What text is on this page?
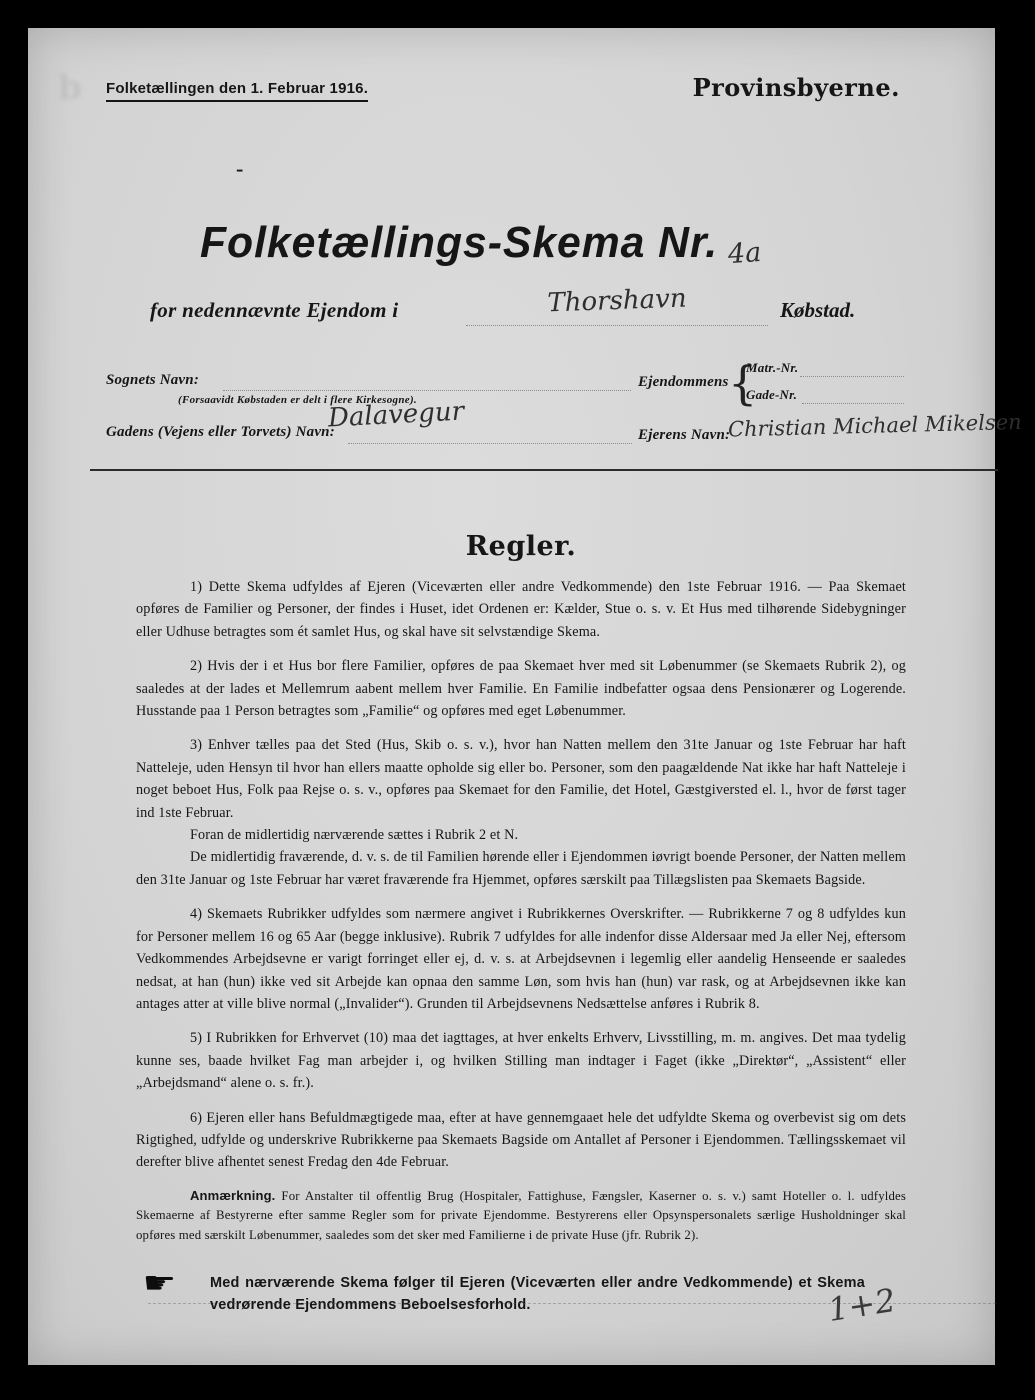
b Folketællingen den 1. Februar 1916.	Provinsbyerne.
-
Folketællings-Skema Nr. 4a
for nedennævnte Ejendom i	Thorshavn	Købstad.
Sognets Navn:
(Forsaavidt Købstaden er delt i flere Kirkesogne).
Gadens (Vejens eller Torvets) Navn:
Dalavegur
Ejendommens {
Matr.-Nr.
Gade-Nr.
Ejerens Navn:
Christian Michael Mikelsen
Regler.

1) Dette Skema udfyldes af Ejeren (Viceværten eller andre Vedkommende) den 1ste Februar 1916. — Paa Skemaet opføres de Familier og Personer, der findes i Huset, idet Ordenen er: Kælder, Stue o. s. v. Et Hus med tilhørende Sidebygninger eller Udhuse betragtes som ét samlet Hus, og skal have sit selvstændige Skema.

2) Hvis der i et Hus bor flere Familier, opføres de paa Skemaet hver med sit Løbenummer (se Skemaets Rubrik 2), og saaledes at der lades et Mellemrum aabent mellem hver Familie. En Familie indbefatter ogsaa dens Pensionærer og Logerende. Husstande paa 1 Person betragtes som „Familie“ og opføres med eget Løbenummer.

3) Enhver tælles paa det Sted (Hus, Skib o. s. v.), hvor han Natten mellem den 31te Januar og 1ste Februar har haft Natteleje, uden Hensyn til hvor han ellers maatte opholde sig eller bo. Personer, som den paagældende Nat ikke har haft Natteleje i noget beboet Hus, Folk paa Rejse o. s. v., opføres paa Skemaet for den Familie, det Hotel, Gæstgiversted el. l., hvor de først tager ind 1ste Februar.

Foran de midlertidig nærværende sættes i Rubrik 2 et N.

De midlertidig fraværende, d. v. s. de til Familien hørende eller i Ejendommen iøvrigt boende Personer, der Natten mellem den 31te Januar og 1ste Februar har været fraværende fra Hjemmet, opføres særskilt paa Tillægslisten paa Skemaets Bagside.

4) Skemaets Rubrikker udfyldes som nærmere angivet i Rubrikkernes Overskrifter. — Rubrikkerne 7 og 8 udfyldes kun for Personer mellem 16 og 65 Aar (begge inklusive). Rubrik 7 udfyldes for alle indenfor disse Aldersaar med Ja eller Nej, eftersom Vedkommendes Arbejdsevne er varigt forringet eller ej, d. v. s. at Arbejdsevnen i legemlig eller aandelig Henseende er saaledes nedsat, at han (hun) ikke ved sit Arbejde kan opnaa den samme Løn, som hvis han (hun) var rask, og at Arbejdsevnen ikke kan antages atter at ville blive normal („Invalider“). Grunden til Arbejdsevnens Nedsættelse anføres i Rubrik 8.

5) I Rubrikken for Erhvervet (10) maa det iagttages, at hver enkelts Erhverv, Livsstilling, m. m. angives. Det maa tydelig kunne ses, baade hvilket Fag man arbejder i, og hvilken Stilling man indtager i Faget (ikke „Direktør“, „Assistent“ eller „Arbejdsmand“ alene o. s. fr.).

6) Ejeren eller hans Befuldmægtigede maa, efter at have gennemgaaet hele det udfyldte Skema og overbevist sig om dets Rigtighed, udfylde og underskrive Rubrikkerne paa Skemaets Bagside om Antallet af Personer i Ejendommen. Tællingsskemaet vil derefter blive afhentet senest Fredag den 4de Februar.

Anmærkning. For Anstalter til offentlig Brug (Hospitaler, Fattighuse, Fængsler, Kaserner o. s. v.) samt Hoteller o. l. udfyldes Skemaerne af Bestyrerne efter samme Regler som for private Ejendomme. Bestyrerens eller Opsynspersonalets særlige Husholdninger skal opføres med særskilt Løbenummer, saaledes som det sker med Familierne i de private Huse (jfr. Rubrik 2).

☛ Med nærværende Skema følger til Ejeren (Viceværten eller andre Vedkommende) et Skema vedrørende Ejendommens Beboelsesforhold.	1+2
